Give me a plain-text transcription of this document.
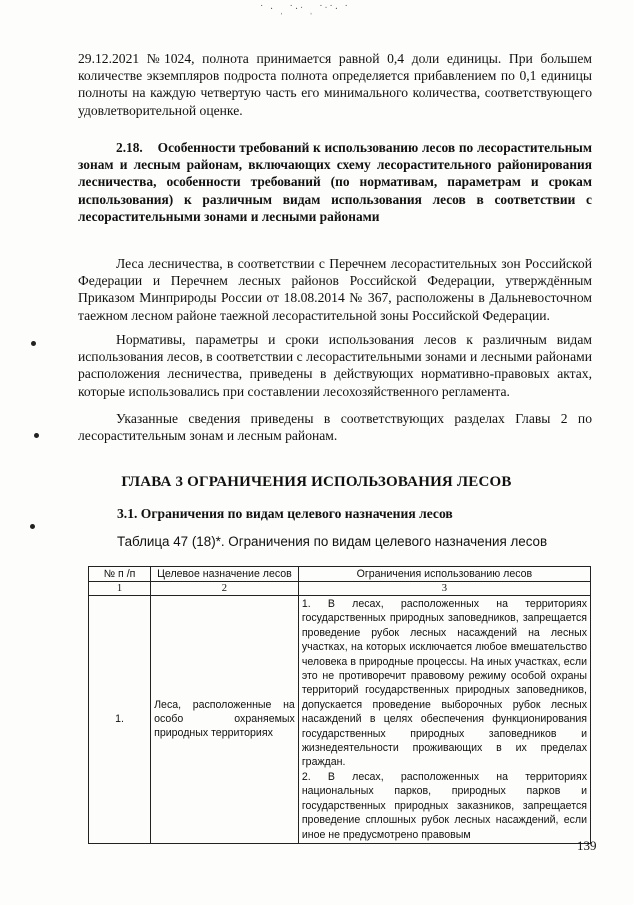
˙ · ˌ ˙·ˑ ˌ ˙ˑ˙· ˙
29.12.2021 №1024, полнота принимается равной 0,4 доли единицы. При большем количестве экземпляров подроста полнота определяется прибавлением по 0,1 единицы полноты на каждую четвертую часть его минимального количества, соответствующего удовлетворительной оценке.
2.18. Особенности требований к использованию лесов по лесорастительным зонам и лесным районам, включающих схему лесорастительного районирования лесничества, особенности требований (по нормативам, параметрам и срокам использования) к различным видам использования лесов в соответствии с лесорастительными зонами и лесными районами
Леса лесничества, в соответствии с Перечнем лесорастительных зон Российской Федерации и Перечнем лесных районов Российской Федерации, утверждённым Приказом Минприроды России от 18.08.2014 № 367, расположены в Дальневосточном таежном лесном районе таежной лесорастительной зоны Российской Федерации.
Нормативы, параметры и сроки использования лесов к различным видам использования лесов, в соответствии с лесорастительными зонами и лесными районами расположения лесничества, приведены в действующих нормативно-правовых актах, которые использовались при составлении лесохозяйственного регламента.
Указанные сведения приведены в соответствующих разделах Главы 2 по лесорастительным зонам и лесным районам.
ГЛАВА 3 ОГРАНИЧЕНИЯ ИСПОЛЬЗОВАНИЯ ЛЕСОВ
3.1. Ограничения по видам целевого назначения лесов
Таблица 47 (18)*. Ограничения по видам целевого назначения лесов
№ п /п	Целевое назначение лесов	Ограничения использованию лесов
1	2	3
1.	Леса, расположенные на особо охраняемых природных территориях	1. В лесах, расположенных на территориях государственных природных заповедников, запрещается проведение рубок лесных насаждений на лесных участках, на которых исключается любое вмешательство человека в природные процессы. На иных участках, если это не противоречит правовому режиму особой охраны территорий государственных природных заповедников, допускается проведение выборочных рубок лесных насаждений в целях обеспечения функционирования государственных природных заповедников и жизнедеятельности проживающих в их пределах граждан.
2. В лесах, расположенных на территориях национальных парков, природных парков и государственных природных заказников, запрещается проведение сплошных рубок лесных насаждений, если иное не предусмотрено правовым
139
